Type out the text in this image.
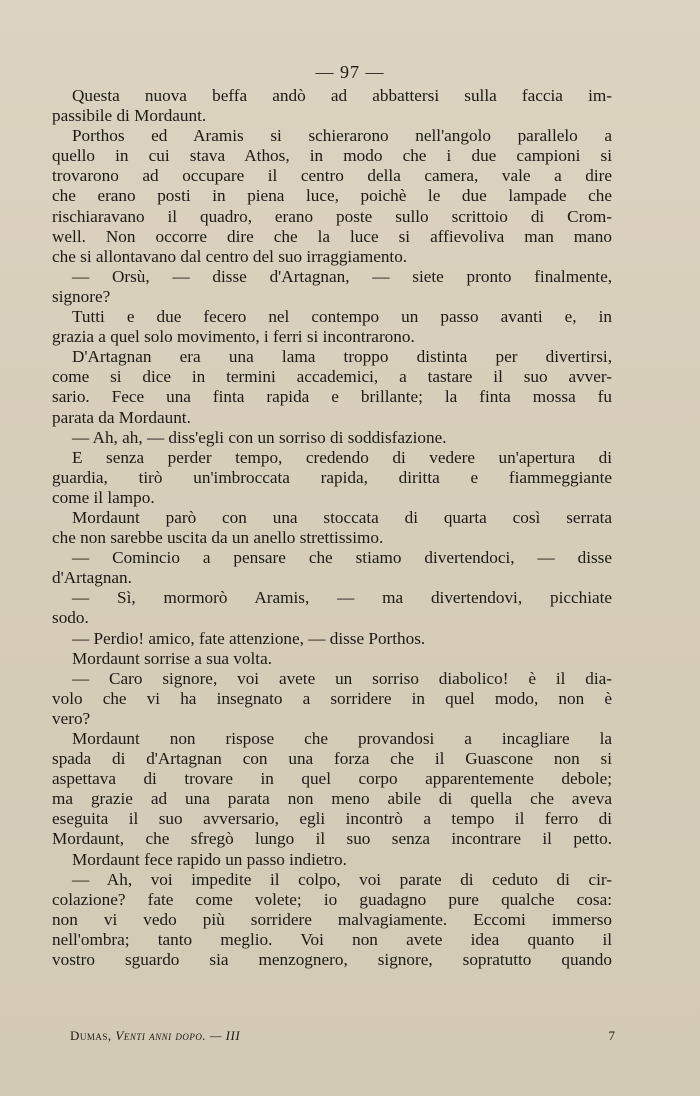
— 97 —
Questa nuova beffa andò ad abbattersi sulla faccia im-
passibile di Mordaunt.
Porthos ed Aramis si schierarono nell'angolo parallelo a
quello in cui stava Athos, in modo che i due campioni si
trovarono ad occupare il centro della camera, vale a dire
che erano posti in piena luce, poichè le due lampade che
rischiaravano il quadro, erano poste sullo scrittoio di Crom-
well. Non occorre dire che la luce si affievoliva man mano
che si allontavano dal centro del suo irraggiamento.
— Orsù, — disse d'Artagnan, — siete pronto finalmente,
signore?
Tutti e due fecero nel contempo un passo avanti e, in
grazia a quel solo movimento, i ferri si incontrarono.
D'Artagnan era una lama troppo distinta per divertirsi,
come si dice in termini accademici, a tastare il suo avver-
sario. Fece una finta rapida e brillante; la finta mossa fu
parata da Mordaunt.
— Ah, ah, — diss'egli con un sorriso di soddisfazione.
E senza perder tempo, credendo di vedere un'apertura di
guardia, tirò un'imbroccata rapida, diritta e fiammeggiante
come il lampo.
Mordaunt parò con una stoccata di quarta così serrata
che non sarebbe uscita da un anello strettissimo.
— Comincio a pensare che stiamo divertendoci, — disse
d'Artagnan.
— Sì, mormorò Aramis, — ma divertendovi, picchiate
sodo.
— Perdio! amico, fate attenzione, — disse Porthos.
Mordaunt sorrise a sua volta.
— Caro signore, voi avete un sorriso diabolico! è il dia-
volo che vi ha insegnato a sorridere in quel modo, non è
vero?
Mordaunt non rispose che provandosi a incagliare la
spada di d'Artagnan con una forza che il Guascone non si
aspettava di trovare in quel corpo apparentemente debole;
ma grazie ad una parata non meno abile di quella che aveva
eseguita il suo avversario, egli incontrò a tempo il ferro di
Mordaunt, che sfregò lungo il suo senza incontrare il petto.
Mordaunt fece rapido un passo indietro.
— Ah, voi impedite il colpo, voi parate di ceduto di cir-
colazione? fate come volete; io guadagno pure qualche cosa:
non vi vedo più sorridere malvagiamente. Eccomi immerso
nell'ombra; tanto meglio. Voi non avete idea quanto il
vostro sguardo sia menzognero, signore, sopratutto quando
Dumas, Venti anni dopo. — III	7
